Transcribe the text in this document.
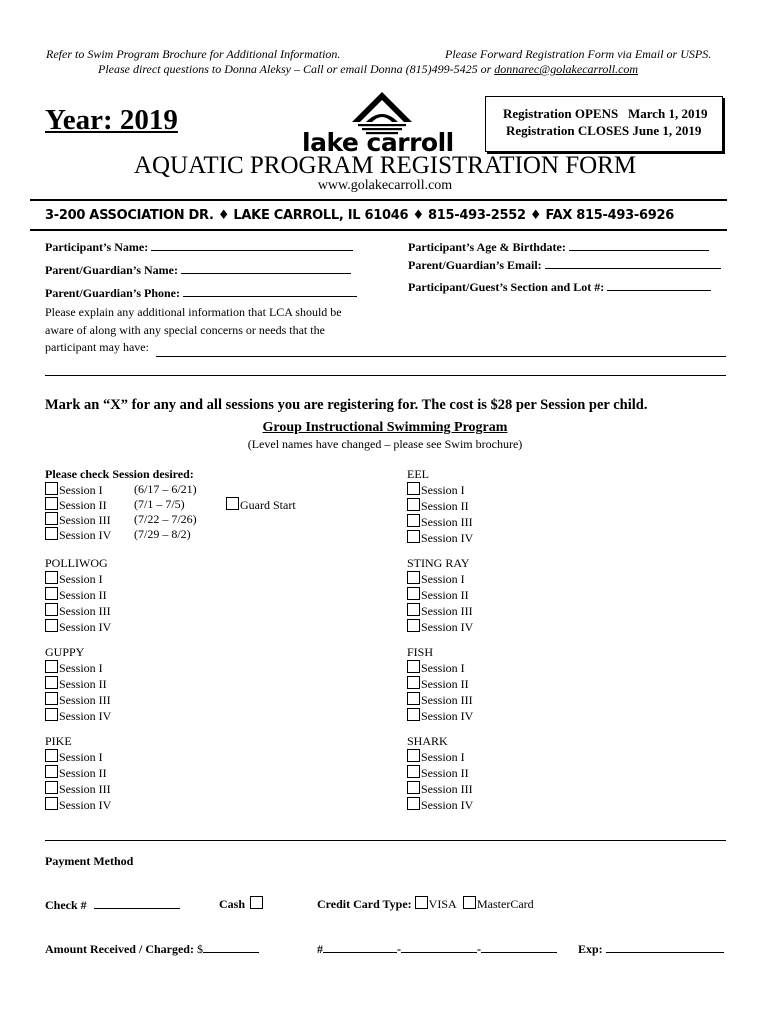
Refer to Swim Program Brochure for Additional Information.	Please Forward Registration Form via Email or USPS.
Please direct questions to Donna Aleksy – Call or email Donna (815)499-5425 or donnarec@golakecarroll.com
Year: 2019
lake carroll
Registration OPENS   March 1, 2019
Registration CLOSES June 1, 2019
AQUATIC PROGRAM REGISTRATION FORM
www.golakecarroll.com
3-200 ASSOCIATION DR. ♦ LAKE CARROLL, IL 61046 ♦ 815-493-2552 ♦ FAX 815-493-6926
Participant’s Name:	Participant’s Age & Birthdate:
Parent/Guardian’s Name:	Parent/Guardian’s Email:
Parent/Guardian’s Phone:	Participant/Guest’s Section and Lot #:
Please explain any additional information that LCA should be
aware of along with any special concerns or needs that the
participant may have:
Mark an “X” for any and all sessions you are registering for. The cost is $28 per Session per child.
Group Instructional Swimming Program
(Level names have changed – please see Swim brochure)
Please check Session desired:
Session I	(6/17 – 6/21)
Session II (7/1 – 7/5)
Session III (7/22 – 7/26)
Session IV (7/29 – 8/2)
Guard Start
POLLIWOG
Session I
Session II
Session III
Session IV
GUPPY
Session I
Session II
Session III
Session IV
PIKE
Session I
Session II
Session III
Session IV
EEL
Session I
Session II
Session III
Session IV
STING RAY
Session I
Session II
Session III
Session IV
FISH
Session I
Session II
Session III
Session IV
SHARK
Session I
Session II
Session III
Session IV
Payment Method
Check #	Cash	Credit Card Type: VISA MasterCard
Amount Received / Charged: $	#	-	-	Exp:
